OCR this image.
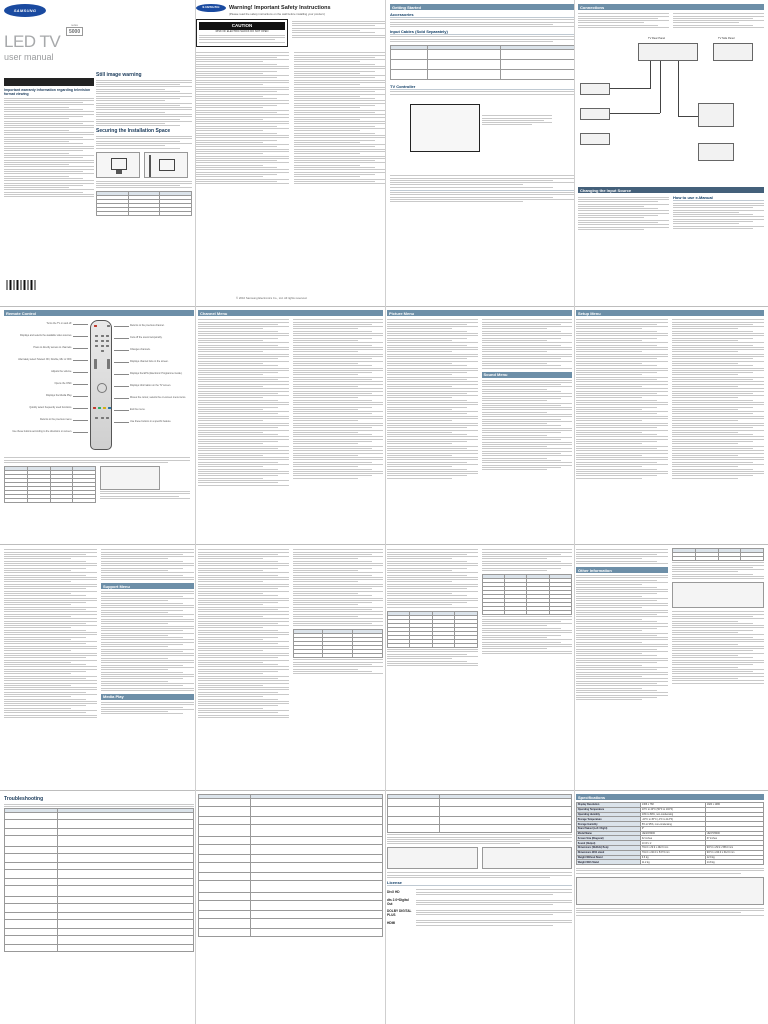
SAMSUNG
LED TV
user manual
series
5000
Important warranty information regarding television format viewing
Still image warning
Securing the Installation Space

SAMSUNG	Warning! Important Safety Instructions
(Please read the safety instructions on the wall before installing your product.)
CAUTION
RISK OF ELECTRIC SHOCK DO NOT OPEN
© 2010 Samsung Electronics Co., Ltd. All rights reserved.
Getting Started
Accessories
Input Cables (Sold Separately)

TV Controller
Connections
TV Rear Panel	TV Side Panel
Changing the Input Source
How to use e-Manual
Remote Control
Turns the TV on and off.
Displays and selects the available video sources.
Press to directly access to channels.
Alternately select Teletext ON, Double, Mix or OFF.
Adjusts the volume.
Opens the OSD.
Displays the Media Play.
Quickly select frequently used functions.
Returns to the previous menu.
Use these buttons according to the directions on screen.
Returns to the previous channel.
Cuts off the sound temporarily.
Changes channels.
Displays channel lists on the screen.
Displays the EPG (Electronic Programme Guide).
Displays information on the TV screen.
Moves the cursor, selects the on-screen menu items.
Exit the menu.
Use these buttons in a specific feature.

Channel Menu	Picture Menu
Sound Menu
Setup Menu
Support Menu
Media Play

Other Information

Troubleshooting

License
DivX HD
dts 2.0+Digital Out
DOLBY DIGITAL PLUS
HDMI
Specifications
Display Resolution	1366 x 768	1920 x 1080
Operating Temperature	10°C to 40°C (50°F to 104°F)	
Operating Humidity	10% to 80%, non-condensing	
Storage Temperature	-20°C to 45°C (-4°F to 113°F)	
Storage Humidity	5% to 95%, non-condensing	
Stand Swivel (Left / Right)	0°	
Model Name	UE32C5000	UE37C5000
Screen Size (Diagonal)	32 inches	37 inches
Sound (Output)	10 W x 2	
Dimensions (WxDxH) Body	791.6 x 29.9 x 492.9 mm	907.0 x 29.9 x 558.0 mm
Dimensions With stand	791.6 x 220.0 x 547.5 mm	907.0 x 220.0 x 612.6 mm
Weight Without Stand	9.6 kg	12.9 kg
Weight With Stand	11.2 kg	14.8 kg
